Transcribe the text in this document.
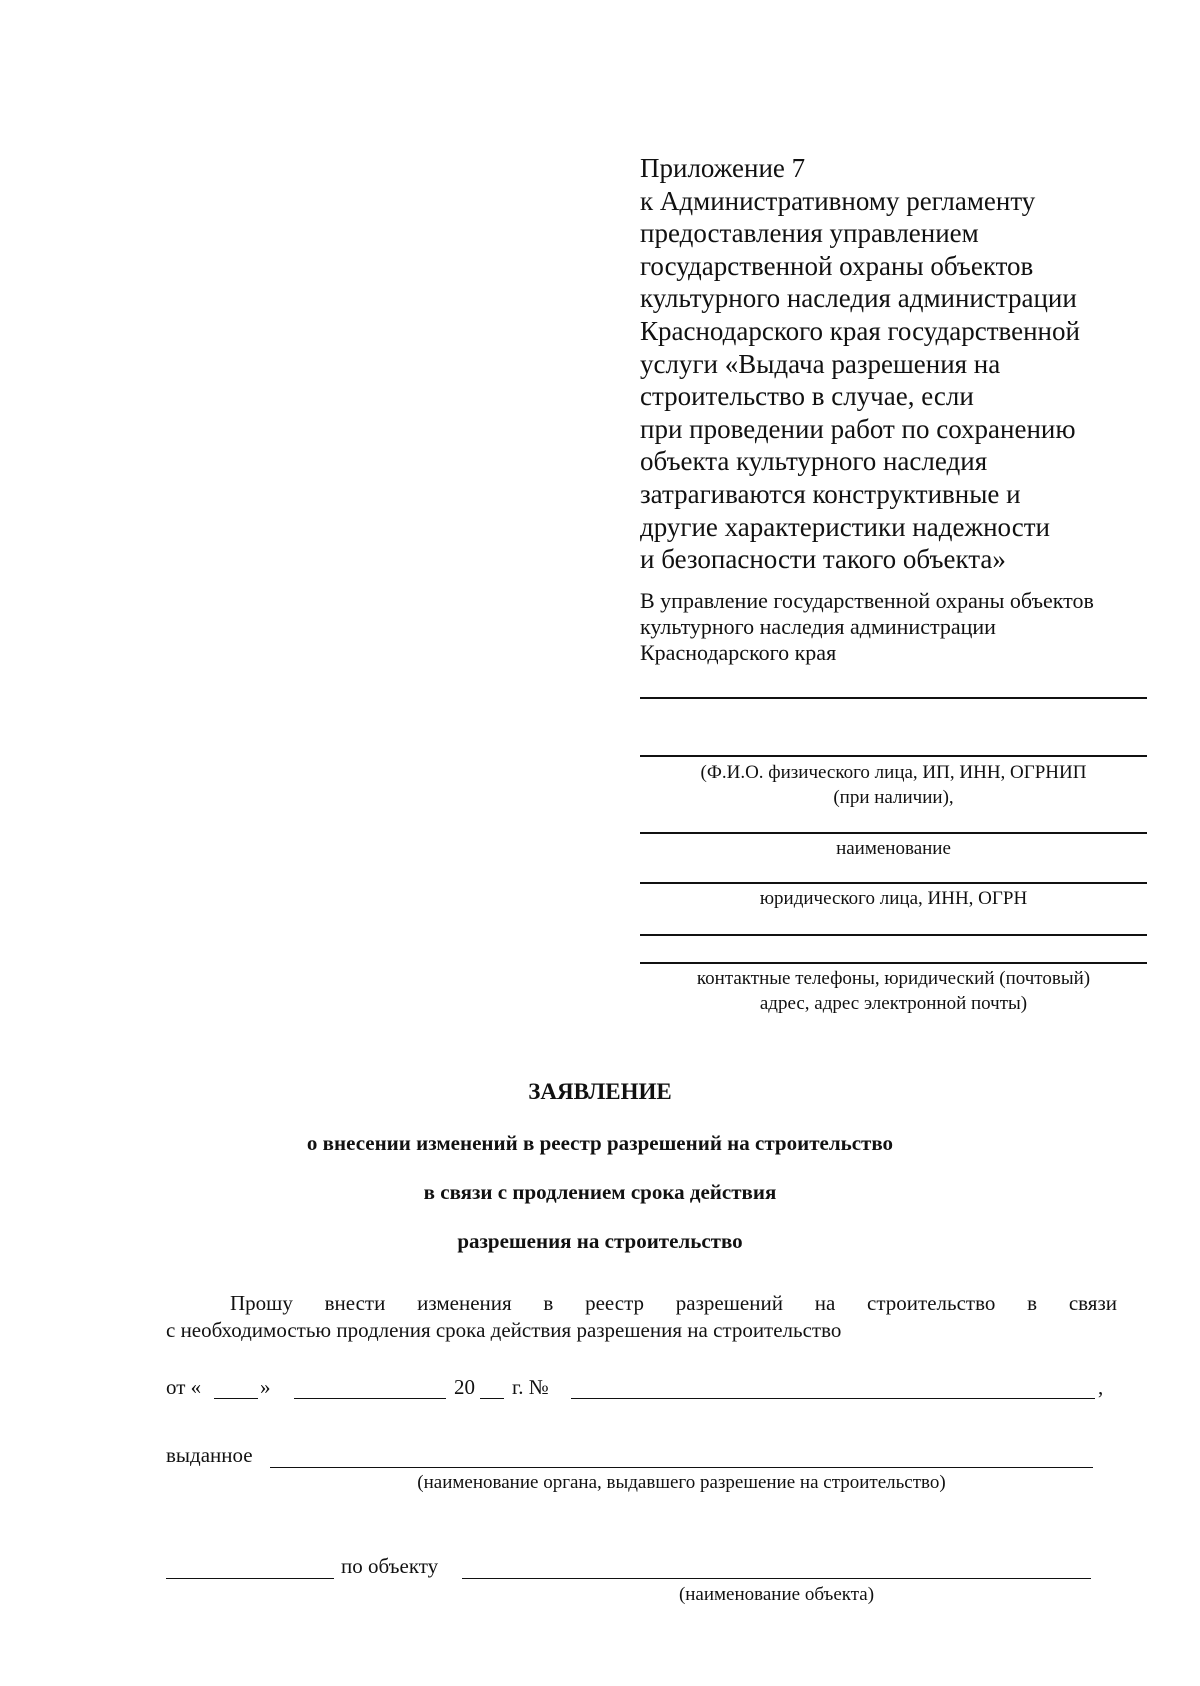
Приложение 7
к Административному регламенту
предоставления управлением
государственной охраны объектов
культурного наследия администрации
Краснодарского края государственной
услуги «Выдача разрешения на
строительство в случае, если
при проведении работ по сохранению
объекта культурного наследия
затрагиваются конструктивные и
другие характеристики надежности
и безопасности такого объекта»
В управление государственной охраны объектов
культурного наследия администрации
Краснодарского края
(Ф.И.О. физического лица, ИП, ИНН, ОГРНИП
(при наличии),
наименование
юридического лица, ИНН, ОГРН
контактные телефоны, юридический (почтовый)
адрес, адрес электронной почты)
ЗАЯВЛЕНИЕ
о внесении изменений в реестр разрешений на строительство
в связи с продлением срока действия
разрешения на строительство
Прошу внести изменения в реестр разрешений на строительство в связи
с необходимостью продления срока действия разрешения на строительство
от «	»	20 г. №	,
выданное
(наименование органа, выдавшего разрешение на строительство)
по объекту
(наименование объекта)
